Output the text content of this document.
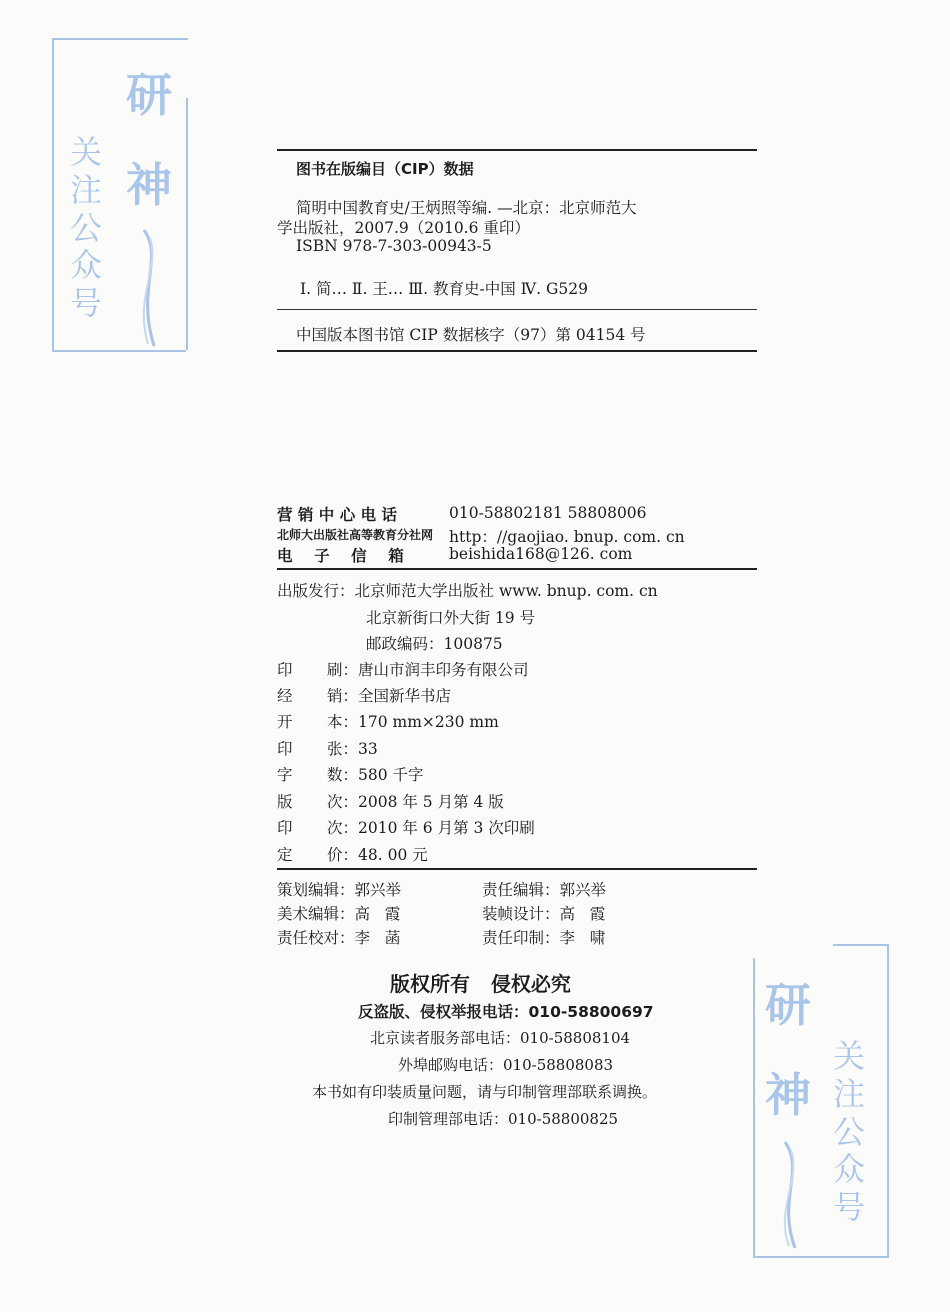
研
神
关
注
公
众
号
研
神
关
注
公
众
号
图书在版编目（CIP）数据
简明中国教育史/王炳照等编. —北京：北京师范大
学出版社，2007.9（2010.6 重印）
ISBN 978-7-303-00943-5
Ⅰ. 简… Ⅱ. 王… Ⅲ. 教育史-中国 Ⅳ. G529
中国版本图书馆 CIP 数据核字（97）第 04154 号
营 销 中 心 电 话	010-58802181 58808006
北师大出版社高等教育分社网 http：//gaojiao. bnup. com. cn
电    子    信    箱	beishida168@126. com
出版发行：北京师范大学出版社 www. bnup. com. cn
北京新街口外大街 19 号
邮政编码：100875
印       刷：唐山市润丰印务有限公司
经       销：全国新华书店
开       本：170 mm×230 mm
印       张：33
字       数：580 千字
版       次：2008 年 5 月第 4 版
印       次：2010 年 6 月第 3 次印刷
定       价：48. 00 元
策划编辑：郭兴举	责任编辑：郭兴举
美术编辑：高   霞	装帧设计：高   霞
责任校对：李   菡	责任印制：李   啸
版权所有   侵权必究
反盗版、侵权举报电话：010-58800697
北京读者服务部电话：010-58808104
外埠邮购电话：010-58808083
本书如有印装质量问题，请与印制管理部联系调换。
印制管理部电话：010-58800825
